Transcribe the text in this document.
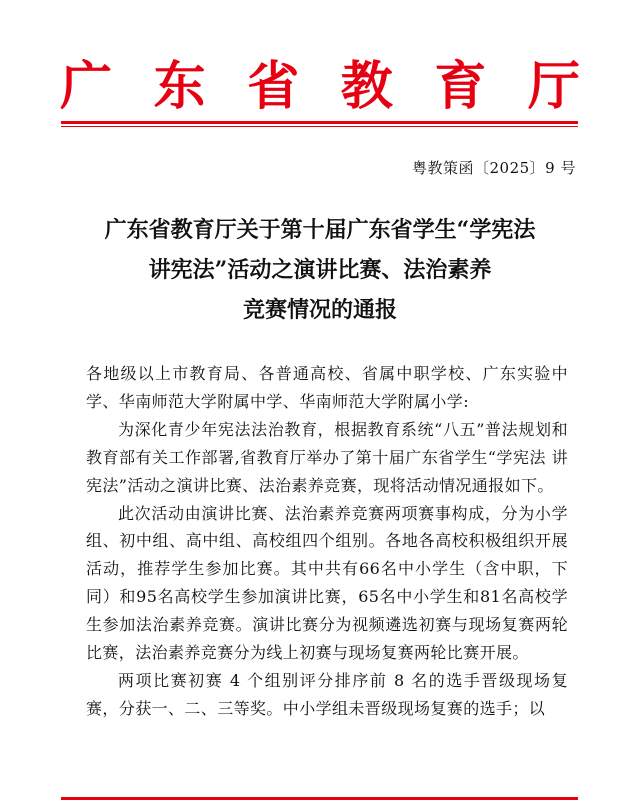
广 东 省 教 育 厅

粤教策函〔2025〕9 号

广东省教育厅关于第十届广东省学生“学宪法
讲宪法”活动之演讲比赛、法治素养
竞赛情况的通报

各地级以上市教育局、各普通高校、省属中职学校、广东实验中学、华南师范大学附属中学、华南师范大学附属小学:

为深化青少年宪法法治教育，根据教育系统“八五”普法规划和教育部有关工作部署,省教育厅举办了第十届广东省学生“学宪法 讲宪法”活动之演讲比赛、法治素养竞赛，现将活动情况通报如下。

此次活动由演讲比赛、法治素养竞赛两项赛事构成，分为小学组、初中组、高中组、高校组四个组别。各地各高校积极组织开展活动，推荐学生参加比赛。其中共有66名中小学生（含中职，下同）和95名高校学生参加演讲比赛，65名中小学生和81名高校学生参加法治素养竞赛。演讲比赛分为视频遴选初赛与现场复赛两轮比赛，法治素养竞赛分为线上初赛与现场复赛两轮比赛开展。

两项比赛初赛 4 个组别评分排序前 8 名的选手晋级现场复赛，分获一、二、三等奖。中小学组未晋级现场复赛的选手；以
